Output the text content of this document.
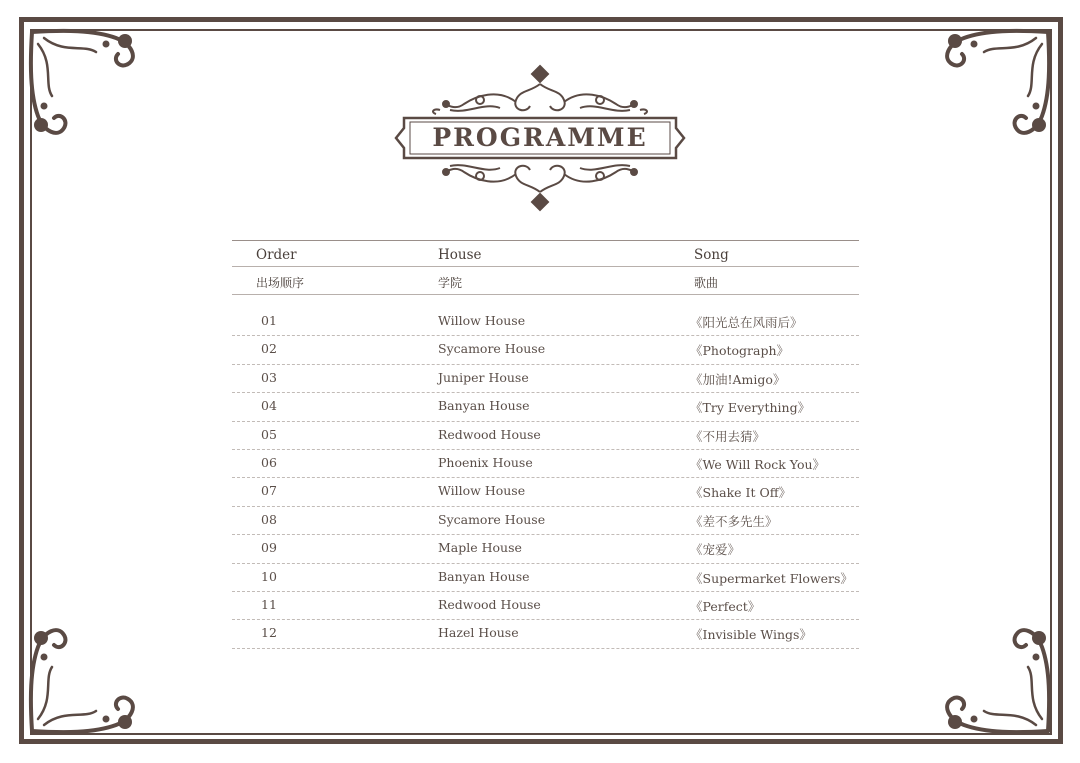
PROGRAMME
Order	House	Song
出场顺序	学院	歌曲
01	Willow House	《阳光总在风雨后》
02	Sycamore House	《Photograph》
03	Juniper House	《加油!Amigo》
04	Banyan House	《Try Everything》
05	Redwood House	《不用去猜》
06	Phoenix House	《We Will Rock You》
07	Willow House	《Shake It Off》
08	Sycamore House	《差不多先生》
09	Maple House	《宠爱》
10	Banyan House	《Supermarket Flowers》
11	Redwood House	《Perfect》
12	Hazel House	《Invisible Wings》
